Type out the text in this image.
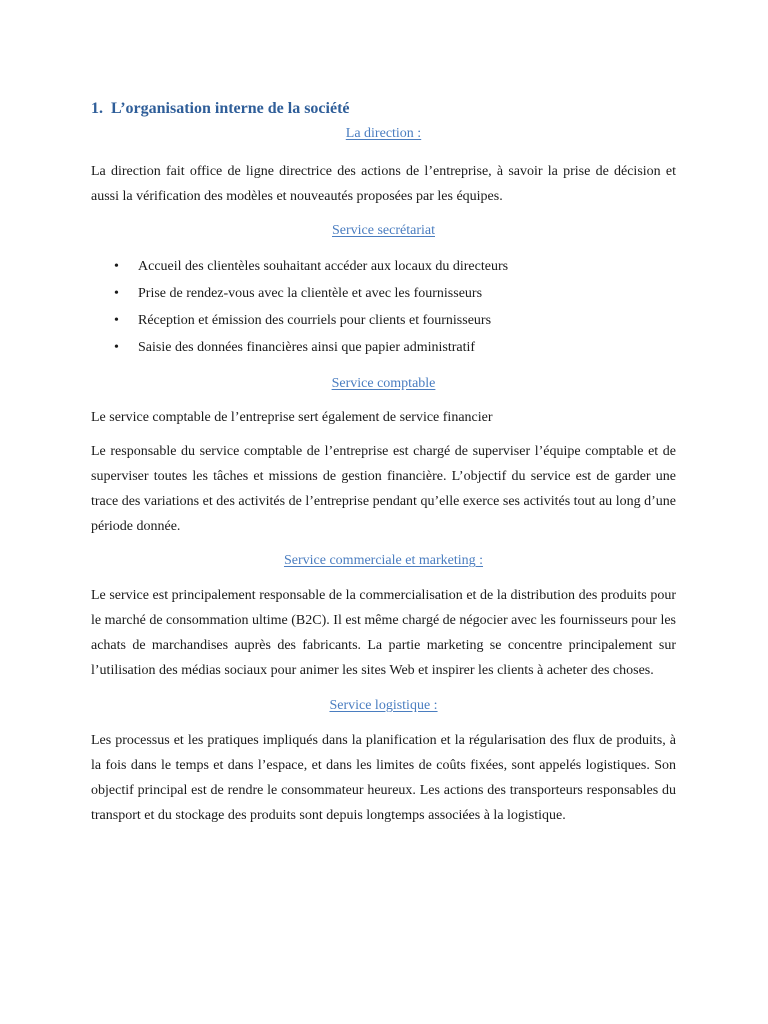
1. L’organisation interne de la société
La direction :

La direction fait office de ligne directrice des actions de l’entreprise, à savoir la prise de décision et aussi la vérification des modèles et nouveautés proposées par les équipes.

Service secrétariat
• Accueil des clientèles souhaitant accéder aux locaux du directeurs
• Prise de rendez-vous avec la clientèle et avec les fournisseurs
• Réception et émission des courriels pour clients et fournisseurs
• Saisie des données financières ainsi que papier administratif
Service comptable

Le service comptable de l’entreprise sert également de service financier

Le responsable du service comptable de l’entreprise est chargé de superviser l’équipe comptable et de superviser toutes les tâches et missions de gestion financière. L’objectif du service est de garder une trace des variations et des activités de l’entreprise pendant qu’elle exerce ses activités tout au long d’une période donnée.

Service commerciale et marketing :

Le service est principalement responsable de la commercialisation et de la distribution des produits pour le marché de consommation ultime (B2C). Il est même chargé de négocier avec les fournisseurs pour les achats de marchandises auprès des fabricants. La partie marketing se concentre principalement sur l’utilisation des médias sociaux pour animer les sites Web et inspirer les clients à acheter des choses.

Service logistique :

Les processus et les pratiques impliqués dans la planification et la régularisation des flux de produits, à la fois dans le temps et dans l’espace, et dans les limites de coûts fixées, sont appelés logistiques. Son objectif principal est de rendre le consommateur heureux. Les actions des transporteurs responsables du transport et du stockage des produits sont depuis longtemps associées à la logistique.
